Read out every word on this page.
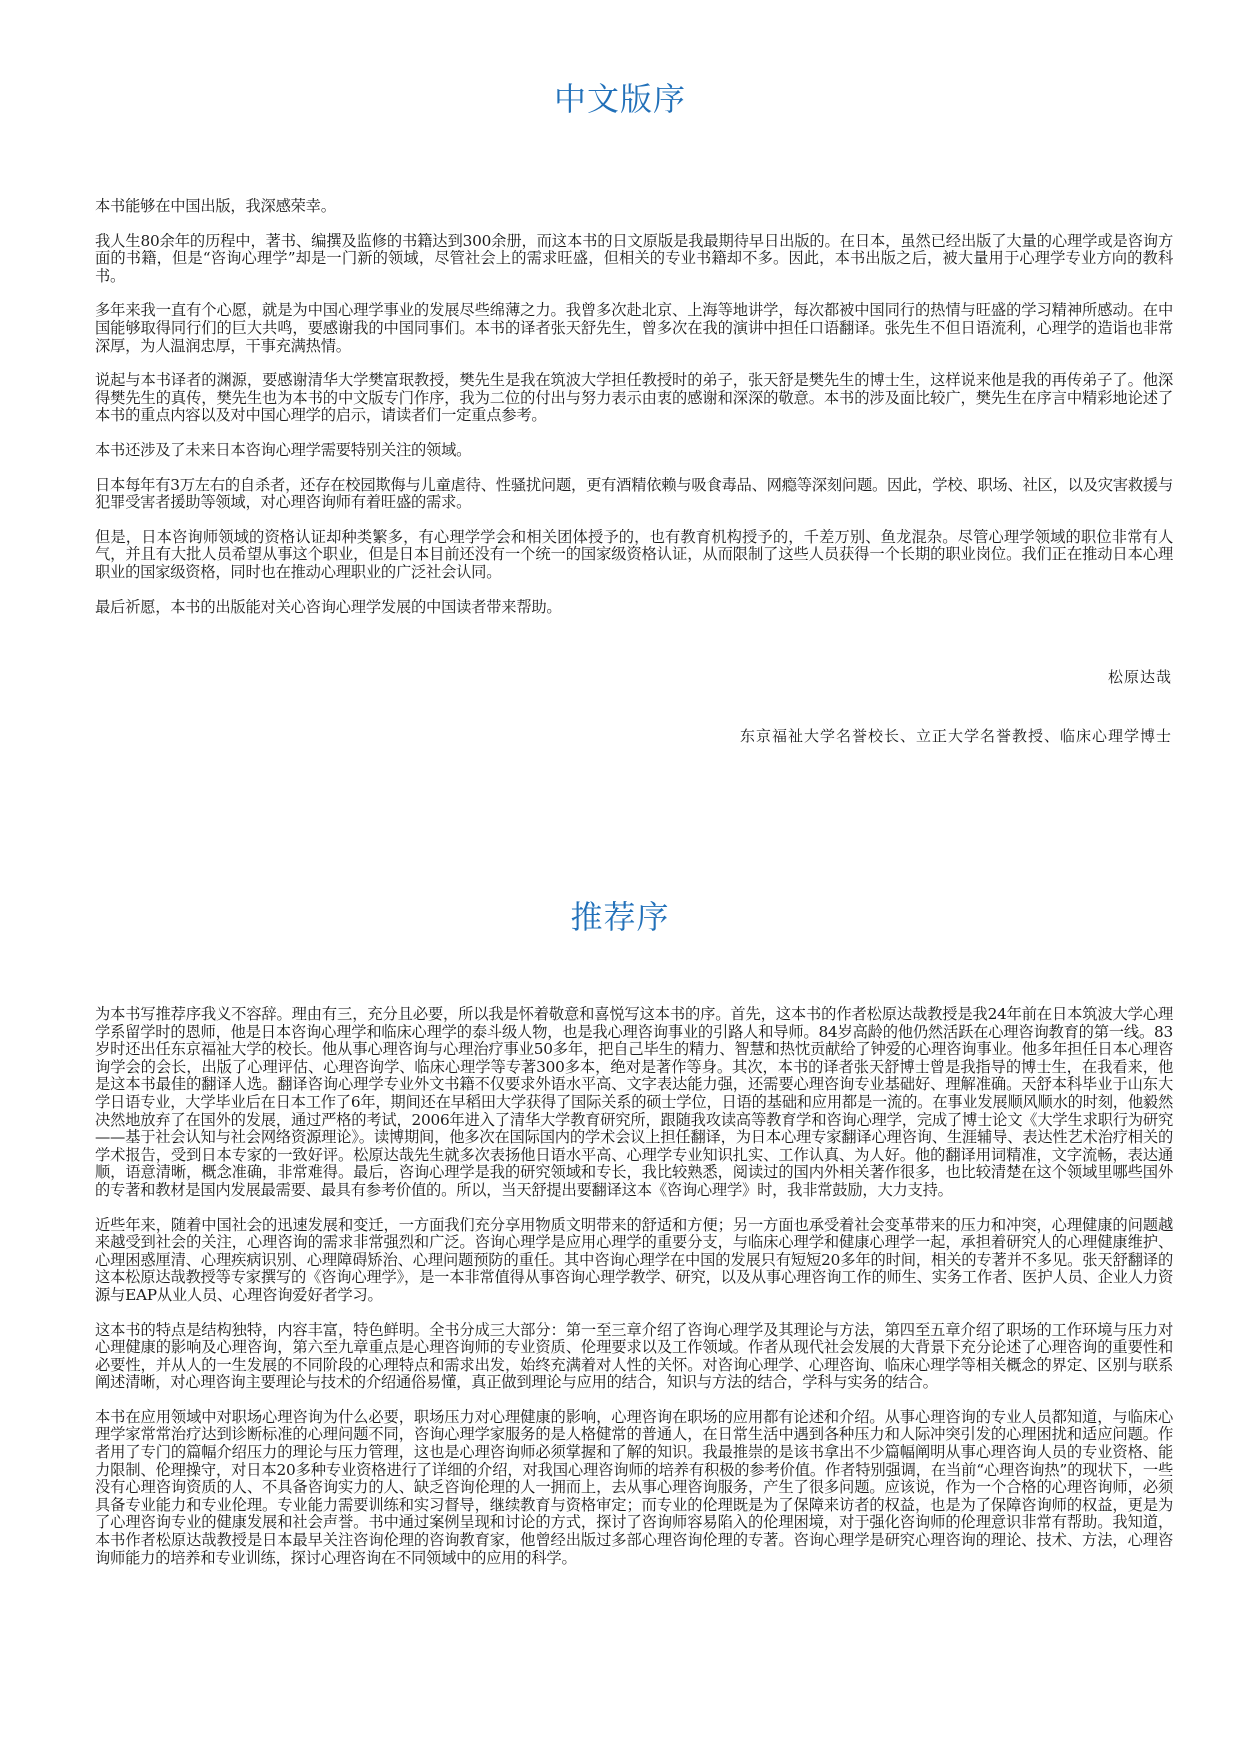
中文版序

本书能够在中国出版，我深感荣幸。

我人生80余年的历程中，著书、编撰及监修的书籍达到300余册，而这本书的日文原版是我最期待早日出版的。在日本，虽然已经出版了大量的心理学或是咨询方面的书籍，但是“咨询心理学”却是一门新的领域，尽管社会上的需求旺盛，但相关的专业书籍却不多。因此，本书出版之后，被大量用于心理学专业方向的教科书。

多年来我一直有个心愿，就是为中国心理学事业的发展尽些绵薄之力。我曾多次赴北京、上海等地讲学，每次都被中国同行的热情与旺盛的学习精神所感动。在中国能够取得同行们的巨大共鸣，要感谢我的中国同事们。本书的译者张天舒先生，曾多次在我的演讲中担任口语翻译。张先生不但日语流利，心理学的造诣也非常深厚，为人温润忠厚，干事充满热情。

说起与本书译者的渊源，要感谢清华大学樊富珉教授，樊先生是我在筑波大学担任教授时的弟子，张天舒是樊先生的博士生，这样说来他是我的再传弟子了。他深得樊先生的真传，樊先生也为本书的中文版专门作序，我为二位的付出与努力表示由衷的感谢和深深的敬意。本书的涉及面比较广，樊先生在序言中精彩地论述了本书的重点内容以及对中国心理学的启示，请读者们一定重点参考。

本书还涉及了未来日本咨询心理学需要特别关注的领域。

日本每年有3万左右的自杀者，还存在校园欺侮与儿童虐待、性骚扰问题，更有酒精依赖与吸食毒品、网瘾等深刻问题。因此，学校、职场、社区，以及灾害救援与犯罪受害者援助等领域，对心理咨询师有着旺盛的需求。

但是，日本咨询师领域的资格认证却种类繁多，有心理学学会和相关团体授予的，也有教育机构授予的，千差万别、鱼龙混杂。尽管心理学领域的职位非常有人气，并且有大批人员希望从事这个职业，但是日本目前还没有一个统一的国家级资格认证，从而限制了这些人员获得一个长期的职业岗位。我们正在推动日本心理职业的国家级资格，同时也在推动心理职业的广泛社会认同。

最后祈愿，本书的出版能对关心咨询心理学发展的中国读者带来帮助。

松原达哉
东京福祉大学名誉校长、立正大学名誉教授、临床心理学博士
推荐序

为本书写推荐序我义不容辞。理由有三，充分且必要，所以我是怀着敬意和喜悦写这本书的序。首先，这本书的作者松原达哉教授是我24年前在日本筑波大学心理学系留学时的恩师，他是日本咨询心理学和临床心理学的泰斗级人物，也是我心理咨询事业的引路人和导师。84岁高龄的他仍然活跃在心理咨询教育的第一线。83岁时还出任东京福祉大学的校长。他从事心理咨询与心理治疗事业50多年，把自己毕生的精力、智慧和热忱贡献给了钟爱的心理咨询事业。他多年担任日本心理咨询学会的会长，出版了心理评估、心理咨询学、临床心理学等专著300多本，绝对是著作等身。其次，本书的译者张天舒博士曾是我指导的博士生，在我看来，他是这本书最佳的翻译人选。翻译咨询心理学专业外文书籍不仅要求外语水平高、文字表达能力强，还需要心理咨询专业基础好、理解准确。天舒本科毕业于山东大学日语专业，大学毕业后在日本工作了6年，期间还在早稻田大学获得了国际关系的硕士学位，日语的基础和应用都是一流的。在事业发展顺风顺水的时刻，他毅然决然地放弃了在国外的发展，通过严格的考试，2006年进入了清华大学教育研究所，跟随我攻读高等教育学和咨询心理学，完成了博士论文《大学生求职行为研究——基于社会认知与社会网络资源理论》。读博期间，他多次在国际国内的学术会议上担任翻译，为日本心理专家翻译心理咨询、生涯辅导、表达性艺术治疗相关的学术报告，受到日本专家的一致好评。松原达哉先生就多次表扬他日语水平高、心理学专业知识扎实、工作认真、为人好。他的翻译用词精准，文字流畅，表达通顺，语意清晰，概念准确，非常难得。最后，咨询心理学是我的研究领域和专长，我比较熟悉，阅读过的国内外相关著作很多，也比较清楚在这个领域里哪些国外的专著和教材是国内发展最需要、最具有参考价值的。所以，当天舒提出要翻译这本《咨询心理学》时，我非常鼓励，大力支持。

近些年来，随着中国社会的迅速发展和变迁，一方面我们充分享用物质文明带来的舒适和方便；另一方面也承受着社会变革带来的压力和冲突，心理健康的问题越来越受到社会的关注，心理咨询的需求非常强烈和广泛。咨询心理学是应用心理学的重要分支，与临床心理学和健康心理学一起，承担着研究人的心理健康维护、心理困惑厘清、心理疾病识别、心理障碍矫治、心理问题预防的重任。其中咨询心理学在中国的发展只有短短20多年的时间，相关的专著并不多见。张天舒翻译的这本松原达哉教授等专家撰写的《咨询心理学》，是一本非常值得从事咨询心理学教学、研究，以及从事心理咨询工作的师生、实务工作者、医护人员、企业人力资源与EAP从业人员、心理咨询爱好者学习。

这本书的特点是结构独特，内容丰富，特色鲜明。全书分成三大部分：第一至三章介绍了咨询心理学及其理论与方法，第四至五章介绍了职场的工作环境与压力对心理健康的影响及心理咨询，第六至九章重点是心理咨询师的专业资质、伦理要求以及工作领域。作者从现代社会发展的大背景下充分论述了心理咨询的重要性和必要性，并从人的一生发展的不同阶段的心理特点和需求出发，始终充满着对人性的关怀。对咨询心理学、心理咨询、临床心理学等相关概念的界定、区别与联系阐述清晰，对心理咨询主要理论与技术的介绍通俗易懂，真正做到理论与应用的结合，知识与方法的结合，学科与实务的结合。

本书在应用领域中对职场心理咨询为什么必要，职场压力对心理健康的影响，心理咨询在职场的应用都有论述和介绍。从事心理咨询的专业人员都知道，与临床心理学家常常治疗达到诊断标准的心理问题不同，咨询心理学家服务的是人格健常的普通人，在日常生活中遇到各种压力和人际冲突引发的心理困扰和适应问题。作者用了专门的篇幅介绍压力的理论与压力管理，这也是心理咨询师必须掌握和了解的知识。我最推崇的是该书拿出不少篇幅阐明从事心理咨询人员的专业资格、能力限制、伦理操守，对日本20多种专业资格进行了详细的介绍，对我国心理咨询师的培养有积极的参考价值。作者特别强调，在当前“心理咨询热”的现状下，一些没有心理咨询资质的人、不具备咨询实力的人、缺乏咨询伦理的人一拥而上，去从事心理咨询服务，产生了很多问题。应该说，作为一个合格的心理咨询师，必须具备专业能力和专业伦理。专业能力需要训练和实习督导，继续教育与资格审定；而专业的伦理既是为了保障来访者的权益，也是为了保障咨询师的权益，更是为了心理咨询专业的健康发展和社会声誉。书中通过案例呈现和讨论的方式，探讨了咨询师容易陷入的伦理困境，对于强化咨询师的伦理意识非常有帮助。我知道，本书作者松原达哉教授是日本最早关注咨询伦理的咨询教育家，他曾经出版过多部心理咨询伦理的专著。咨询心理学是研究心理咨询的理论、技术、方法，心理咨询师能力的培养和专业训练，探讨心理咨询在不同领域中的应用的科学。
